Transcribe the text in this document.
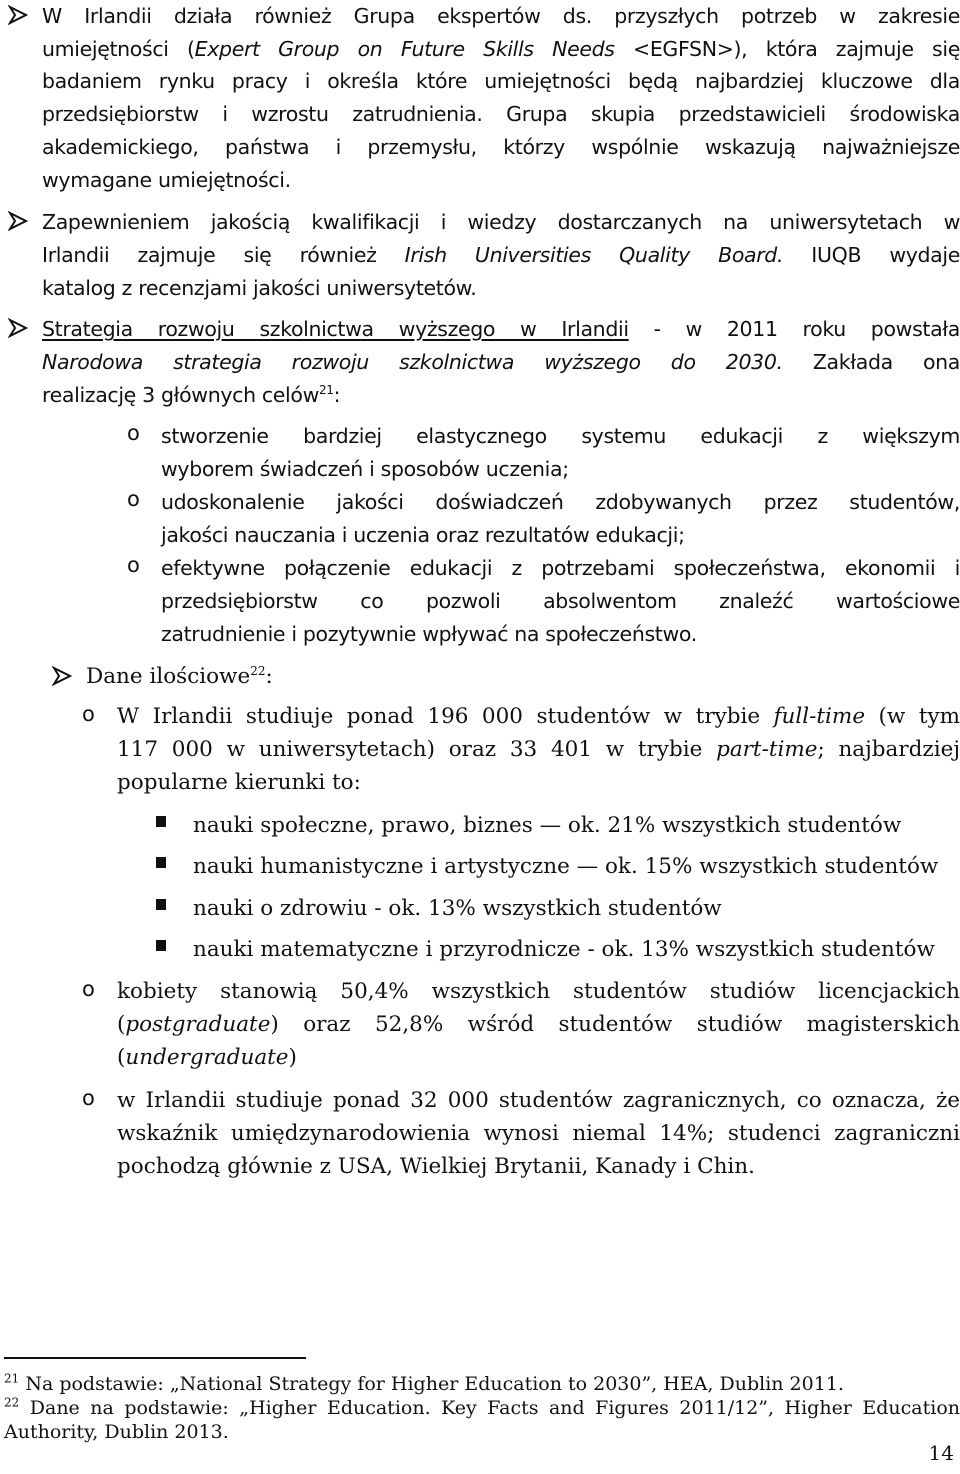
W Irlandii działa również Grupa ekspertów ds. przyszłych potrzeb w zakresie
umiejętności (Expert Group on Future Skills Needs <EGFSN>), która zajmuje się
badaniem rynku pracy i określa które umiejętności będą najbardziej kluczowe dla
przedsiębiorstw i wzrostu zatrudnienia. Grupa skupia przedstawicieli środowiska
akademickiego, państwa i przemysłu, którzy wspólnie wskazują najważniejsze
wymagane umiejętności.
Zapewnieniem jakością kwalifikacji i wiedzy dostarczanych na uniwersytetach w
Irlandii zajmuje się również Irish Universities Quality Board. IUQB wydaje
katalog z recenzjami jakości uniwersytetów.
Strategia rozwoju szkolnictwa wyższego w Irlandii - w 2011 roku powstała
Narodowa strategia rozwoju szkolnictwa wyższego do 2030. Zakłada ona
realizację 3 głównych celów$^{21}$:
o stworzenie bardziej elastycznego systemu edukacji z większym
wyborem świadczeń i sposobów uczenia;
o udoskonalenie jakości doświadczeń zdobywanych przez studentów,
jakości nauczania i uczenia oraz rezultatów edukacji;
o efektywne połączenie edukacji z potrzebami społeczeństwa, ekonomii i
przedsiębiorstw co pozwoli absolwentom znaleźć wartościowe
zatrudnienie i pozytywnie wpływać na społeczeństwo.
Dane ilościowe$^{22}$:
o W Irlandii studiuje ponad 196 000 studentów w trybie full-time (w tym
117 000 w uniwersytetach) oraz 33 401 w trybie part-time; najbardziej
popularne kierunki to:
nauki społeczne, prawo, biznes — ok. 21% wszystkich studentów
nauki humanistyczne i artystyczne — ok. 15% wszystkich studentów
nauki o zdrowiu - ok. 13% wszystkich studentów
nauki matematyczne i przyrodnicze - ok. 13% wszystkich studentów
o kobiety stanowią 50,4% wszystkich studentów studiów licencjackich
(postgraduate) oraz 52,8% wśród studentów studiów magisterskich
(undergraduate)
o w Irlandii studiuje ponad 32 000 studentów zagranicznych, co oznacza, że
wskaźnik umiędzynarodowienia wynosi niemal 14%; studenci zagraniczni
pochodzą głównie z USA, Wielkiej Brytanii, Kanady i Chin.
$^{21}$ Na podstawie: „National Strategy for Higher Education to 2030”, HEA, Dublin 2011.
$^{22}$ Dane na podstawie: „Higher Education. Key Facts and Figures 2011/12”, Higher Education
Authority, Dublin 2013.
14
